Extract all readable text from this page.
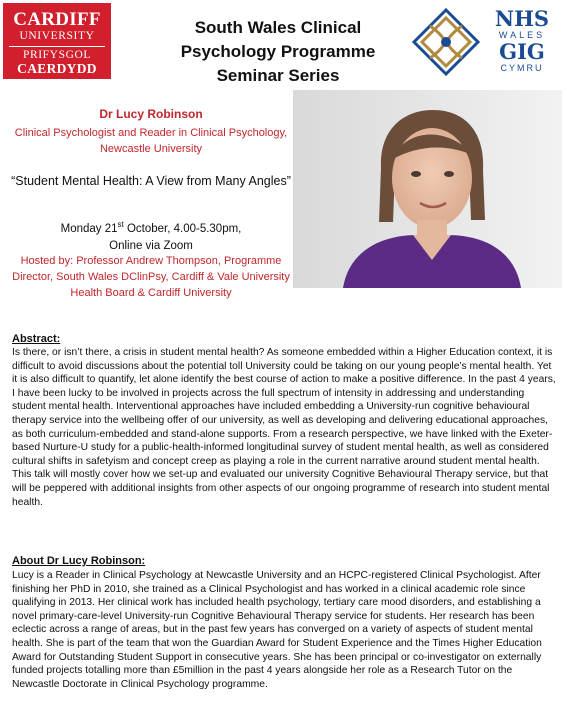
CARDIFF
UNIVERSITY
PRIFYSGOL
CAERDYDD
South Wales Clinical
Psychology Programme
Seminar Series
NHS
WALES
GIG
CYMRU
Dr Lucy Robinson
Clinical Psychologist and Reader in Clinical Psychology, Newcastle University
“Student Mental Health: A View from Many Angles”
Monday 21st October, 4.00-5.30pm,
Online via Zoom
Hosted by: Professor Andrew Thompson, Programme Director, South Wales DClinPsy, Cardiff & Vale University Health Board & Cardiff University
Abstract:
Is there, or isn’t there, a crisis in student mental health? As someone embedded within a Higher Education context, it is difficult to avoid discussions about the potential toll University could be taking on our young people’s mental health. Yet it is also difficult to quantify, let alone identify the best course of action to make a positive difference. In the past 4 years, I have been lucky to be involved in projects across the full spectrum of intensity in addressing and understanding student mental health. Interventional approaches have included embedding a University-run cognitive behavioural therapy service into the wellbeing offer of our university, as well as developing and delivering educational approaches, as both curriculum-embedded and stand-alone supports. From a research perspective, we have linked with the Exeter-based Nurture-U study for a public-health-informed longitudinal survey of student mental health, as well as considered cultural shifts in safetyism and concept creep as playing a role in the current narrative around student mental health. This talk will mostly cover how we set-up and evaluated our university Cognitive Behavioural Therapy service, but that will be peppered with additional insights from other aspects of our ongoing programme of research into student mental health.
About Dr Lucy Robinson:
Lucy is a Reader in Clinical Psychology at Newcastle University and an HCPC-registered Clinical Psychologist. After finishing her PhD in 2010, she trained as a Clinical Psychologist and has worked in a clinical academic role since qualifying in 2013. Her clinical work has included health psychology, tertiary care mood disorders, and establishing a novel primary-care-level University-run Cognitive Behavioural Therapy service for students. Her research has been eclectic across a range of areas, but in the past few years has converged on a variety of aspects of student mental health. She is part of the team that won the Guardian Award for Student Experience and the Times Higher Education Award for Outstanding Student Support in consecutive years. She has been principal or co-investigator on externally funded projects totalling more than £5million in the past 4 years alongside her role as a Research Tutor on the Newcastle Doctorate in Clinical Psychology programme.
